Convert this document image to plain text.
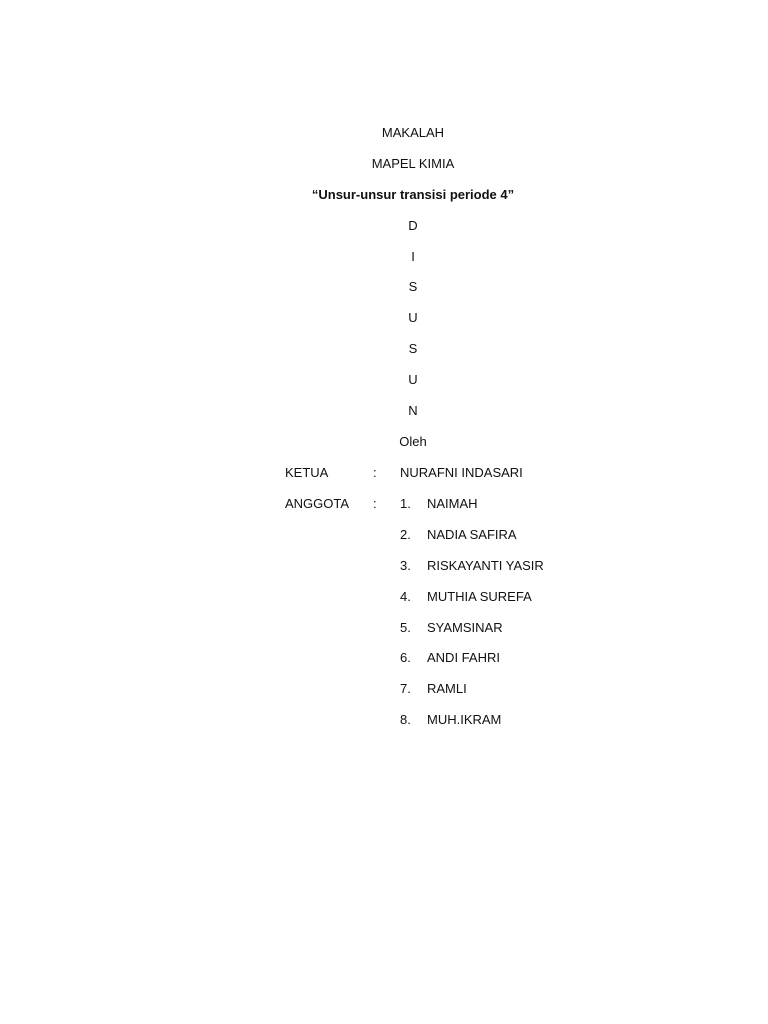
MAKALAH
MAPEL KIMIA
“Unsur-unsur transisi periode 4”
D
I
S
U
S
U
N
Oleh
KETUA	: NURAFNI INDASARI
ANGGOTA : 1. NAIMAH
2. NADIA SAFIRA
3. RISKAYANTI YASIR
4. MUTHIA SUREFA
5. SYAMSINAR
6. ANDI FAHRI
7. RAMLI
8. MUH.IKRAM
